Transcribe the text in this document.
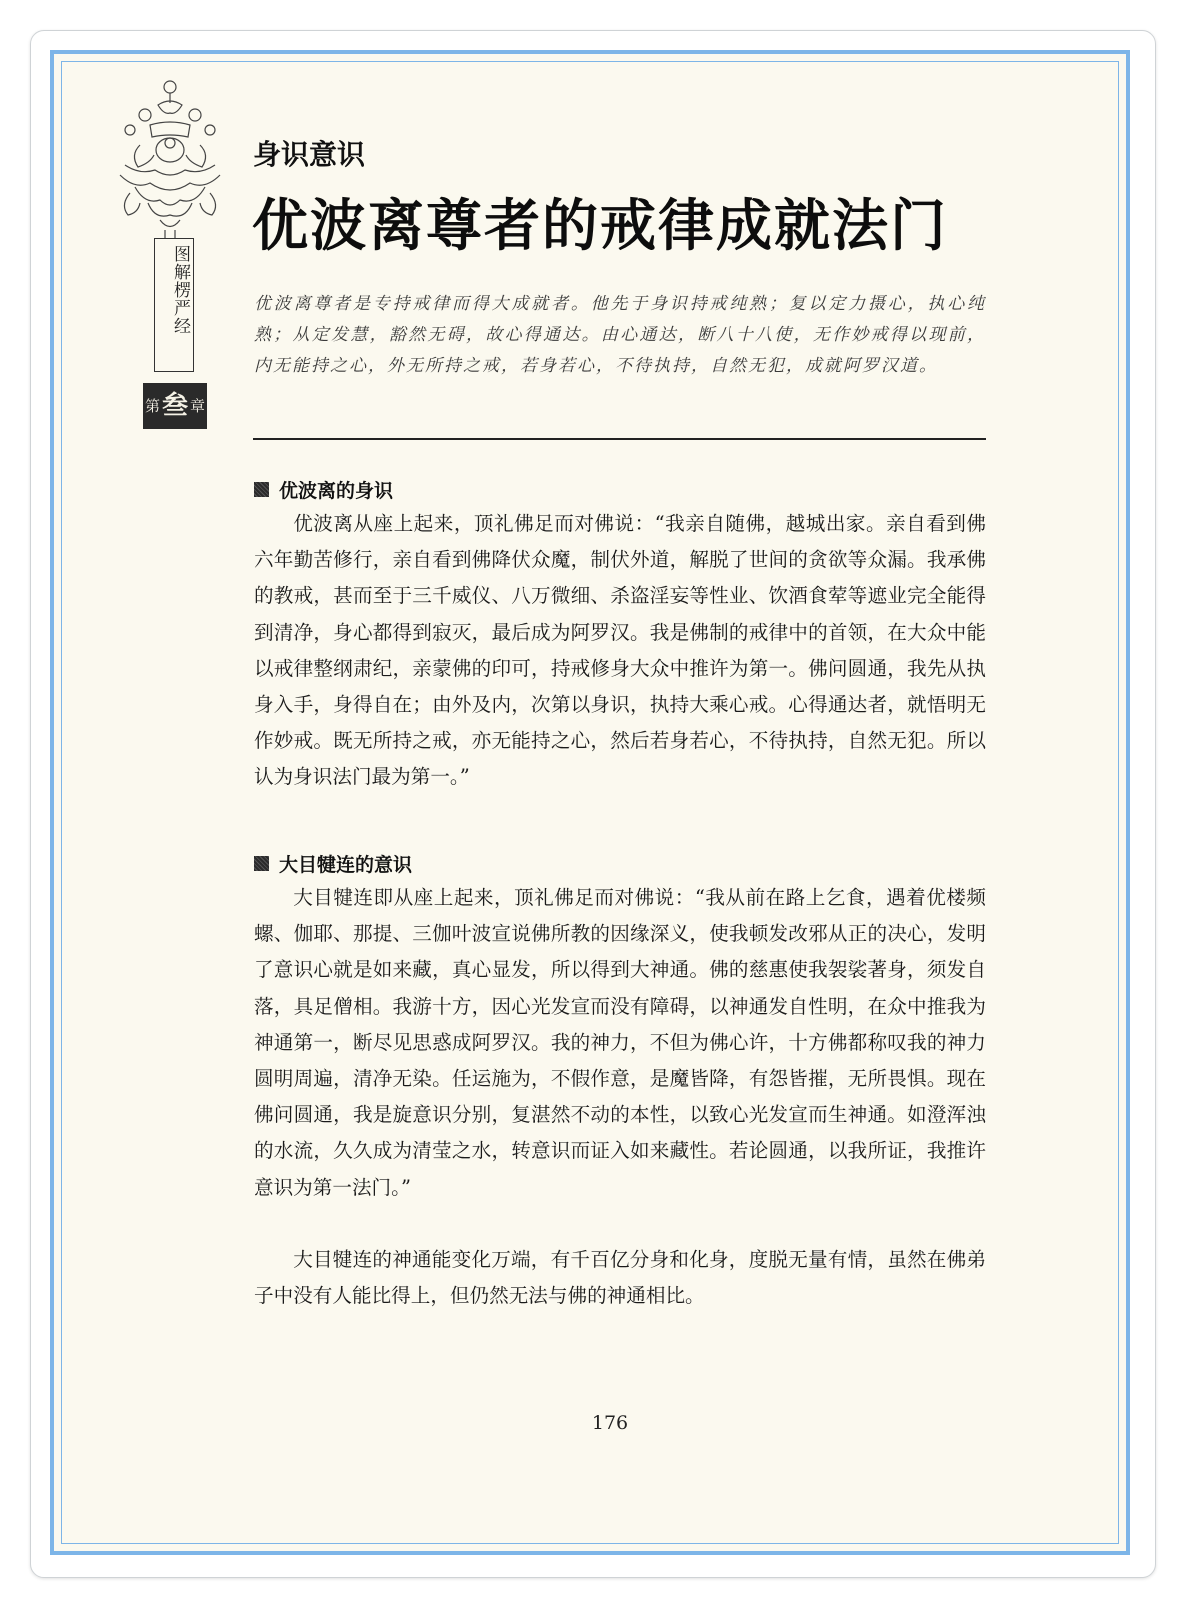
图解楞严经
第 叁 章
身识意识
优波离尊者的戒律成就法门
优波离尊者是专持戒律而得大成就者。他先于身识持戒纯熟；复以定力摄心，执心纯熟；从定发慧，豁然无碍，故心得通达。由心通达，断八十八使，无作妙戒得以现前，内无能持之心，外无所持之戒，若身若心，不待执持，自然无犯，成就阿罗汉道。
优波离的身识

优波离从座上起来，顶礼佛足而对佛说：“我亲自随佛，越城出家。亲自看到佛六年勤苦修行，亲自看到佛降伏众魔，制伏外道，解脱了世间的贪欲等众漏。我承佛的教戒，甚而至于三千威仪、八万微细、杀盗淫妄等性业、饮酒食荤等遮业完全能得到清净，身心都得到寂灭，最后成为阿罗汉。我是佛制的戒律中的首领，在大众中能以戒律整纲肃纪，亲蒙佛的印可，持戒修身大众中推许为第一。佛问圆通，我先从执身入手，身得自在；由外及内，次第以身识，执持大乘心戒。心得通达者，就悟明无作妙戒。既无所持之戒，亦无能持之心，然后若身若心，不待执持，自然无犯。所以认为身识法门最为第一。”

大目犍连的意识

大目犍连即从座上起来，顶礼佛足而对佛说：“我从前在路上乞食，遇着优楼频螺、伽耶、那提、三伽叶波宣说佛所教的因缘深义，使我顿发改邪从正的决心，发明了意识心就是如来藏，真心显发，所以得到大神通。佛的慈惠使我袈裟著身，须发自落，具足僧相。我游十方，因心光发宣而没有障碍，以神通发自性明，在众中推我为神通第一，断尽见思惑成阿罗汉。我的神力，不但为佛心许，十方佛都称叹我的神力圆明周遍，清净无染。任运施为，不假作意，是魔皆降，有怨皆摧，无所畏惧。现在佛问圆通，我是旋意识分别，复湛然不动的本性，以致心光发宣而生神通。如澄浑浊的水流，久久成为清莹之水，转意识而证入如来藏性。若论圆通，以我所证，我推许意识为第一法门。”

大目犍连的神通能变化万端，有千百亿分身和化身，度脱无量有情，虽然在佛弟子中没有人能比得上，但仍然无法与佛的神通相比。

176
